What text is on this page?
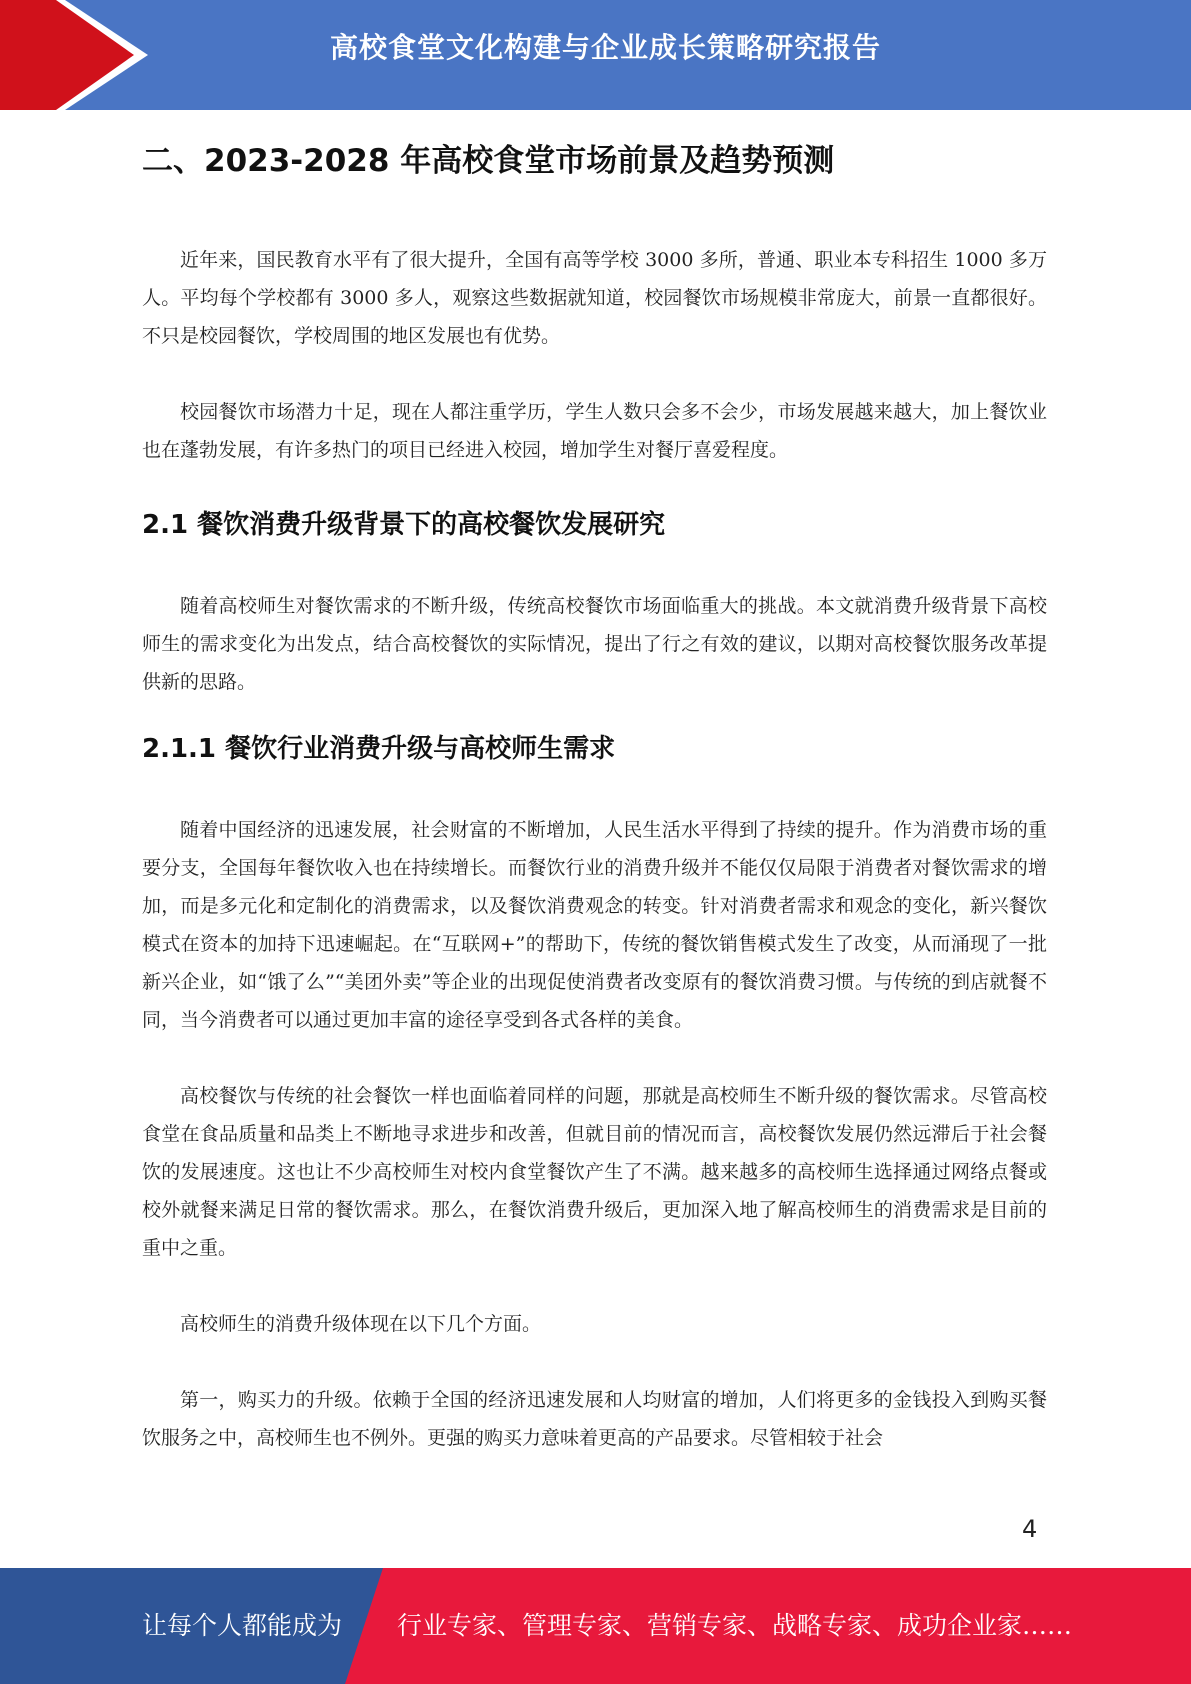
高校食堂文化构建与企业成长策略研究报告
二、2023-2028 年高校食堂市场前景及趋势预测

近年来，国民教育水平有了很大提升，全国有高等学校 3000 多所，普通、职业本专科招生 1000 多万人。平均每个学校都有 3000 多人，观察这些数据就知道，校园餐饮市场规模非常庞大，前景一直都很好。不只是校园餐饮，学校周围的地区发展也有优势。

校园餐饮市场潜力十足，现在人都注重学历，学生人数只会多不会少，市场发展越来越大，加上餐饮业也在蓬勃发展，有许多热门的项目已经进入校园，增加学生对餐厅喜爱程度。

2.1 餐饮消费升级背景下的高校餐饮发展研究

随着高校师生对餐饮需求的不断升级，传统高校餐饮市场面临重大的挑战。本文就消费升级背景下高校师生的需求变化为出发点，结合高校餐饮的实际情况，提出了行之有效的建议，以期对高校餐饮服务改革提供新的思路。

2.1.1 餐饮行业消费升级与高校师生需求

随着中国经济的迅速发展，社会财富的不断增加，人民生活水平得到了持续的提升。作为消费市场的重要分支，全国每年餐饮收入也在持续增长。而餐饮行业的消费升级并不能仅仅局限于消费者对餐饮需求的增加，而是多元化和定制化的消费需求，以及餐饮消费观念的转变。针对消费者需求和观念的变化，新兴餐饮模式在资本的加持下迅速崛起。在“互联网+”的帮助下，传统的餐饮销售模式发生了改变，从而涌现了一批新兴企业，如“饿了么”“美团外卖”等企业的出现促使消费者改变原有的餐饮消费习惯。与传统的到店就餐不同，当今消费者可以通过更加丰富的途径享受到各式各样的美食。

高校餐饮与传统的社会餐饮一样也面临着同样的问题，那就是高校师生不断升级的餐饮需求。尽管高校食堂在食品质量和品类上不断地寻求进步和改善，但就目前的情况而言，高校餐饮发展仍然远滞后于社会餐饮的发展速度。这也让不少高校师生对校内食堂餐饮产生了不满。越来越多的高校师生选择通过网络点餐或校外就餐来满足日常的餐饮需求。那么，在餐饮消费升级后，更加深入地了解高校师生的消费需求是目前的重中之重。

高校师生的消费升级体现在以下几个方面。

第一，购买力的升级。依赖于全国的经济迅速发展和人均财富的增加，人们将更多的金钱投入到购买餐饮服务之中，高校师生也不例外。更强的购买力意味着更高的产品要求。尽管相较于社会

4
让每个人都能成为 行业专家、管理专家、营销专家、战略专家、成功企业家……
